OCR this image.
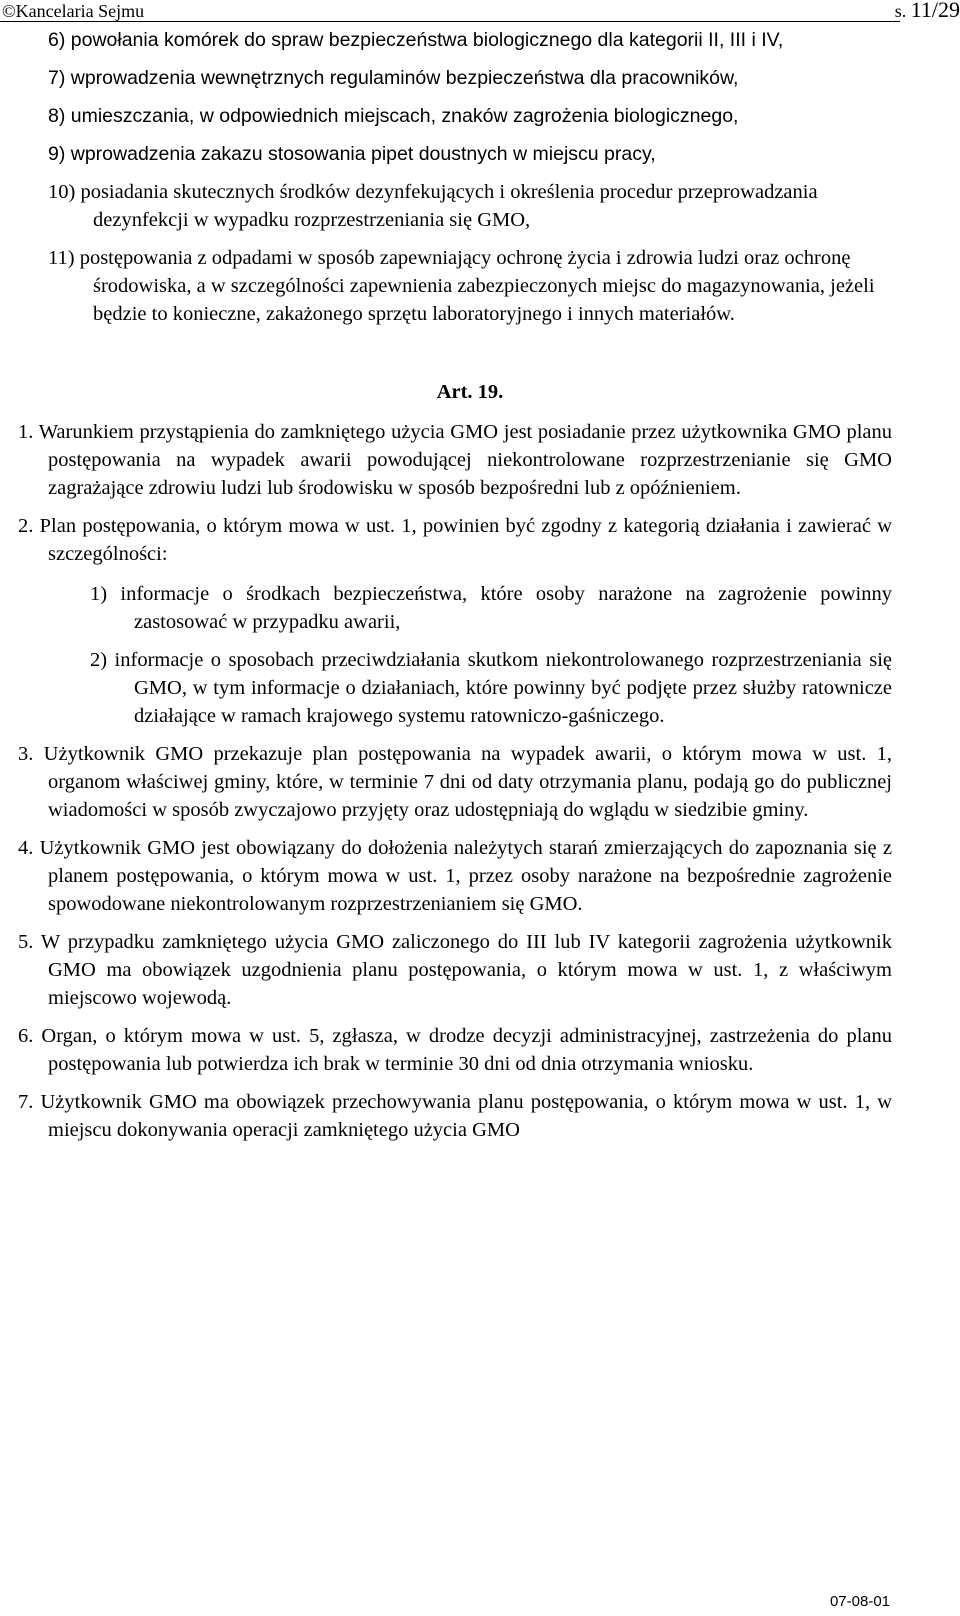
©Kancelaria Sejmu	s. 11/29

6) powołania komórek do spraw bezpieczeństwa biologicznego dla kategorii II, III i IV,

7) wprowadzenia wewnętrznych regulaminów bezpieczeństwa dla pracowników,

8) umieszczania, w odpowiednich miejscach, znaków zagrożenia biologicznego,

9) wprowadzenia zakazu stosowania pipet doustnych w miejscu pracy,

10) posiadania skutecznych środków dezynfekujących i określenia procedur przeprowadzania dezynfekcji w wypadku rozprzestrzeniania się GMO,

11) postępowania z odpadami w sposób zapewniający ochronę życia i zdrowia ludzi oraz ochronę środowiska, a w szczególności zapewnienia zabezpieczonych miejsc do magazynowania, jeżeli będzie to konieczne, zakażonego sprzętu laboratoryjnego i innych materiałów.

Art. 19.

1. Warunkiem przystąpienia do zamkniętego użycia GMO jest posiadanie przez użytkownika GMO planu postępowania na wypadek awarii powodującej niekontrolowane rozprzestrzenianie się GMO zagrażające zdrowiu ludzi lub środowisku w sposób bezpośredni lub z opóźnieniem.

2. Plan postępowania, o którym mowa w ust. 1, powinien być zgodny z kategorią działania i zawierać w szczególności:

1) informacje o środkach bezpieczeństwa, które osoby narażone na zagrożenie powinny zastosować w przypadku awarii,

2) informacje o sposobach przeciwdziałania skutkom niekontrolowanego rozprzestrzeniania się GMO, w tym informacje o działaniach, które powinny być podjęte przez służby ratownicze działające w ramach krajowego systemu ratowniczo-gaśniczego.

3. Użytkownik GMO przekazuje plan postępowania na wypadek awarii, o którym mowa w ust. 1, organom właściwej gminy, które, w terminie 7 dni od daty otrzymania planu, podają go do publicznej wiadomości w sposób zwyczajowo przyjęty oraz udostępniają do wglądu w siedzibie gminy.

4. Użytkownik GMO jest obowiązany do dołożenia należytych starań zmierzających do zapoznania się z planem postępowania, o którym mowa w ust. 1, przez osoby narażone na bezpośrednie zagrożenie spowodowane niekontrolowanym rozprzestrzenianiem się GMO.

5. W przypadku zamkniętego użycia GMO zaliczonego do III lub IV kategorii zagrożenia użytkownik GMO ma obowiązek uzgodnienia planu postępowania, o którym mowa w ust. 1, z właściwym miejscowo wojewodą.

6. Organ, o którym mowa w ust. 5, zgłasza, w drodze decyzji administracyjnej, zastrzeżenia do planu postępowania lub potwierdza ich brak w terminie 30 dni od dnia otrzymania wniosku.

7. Użytkownik GMO ma obowiązek przechowywania planu postępowania, o którym mowa w ust. 1, w miejscu dokonywania operacji zamkniętego użycia GMO

07-08-01
